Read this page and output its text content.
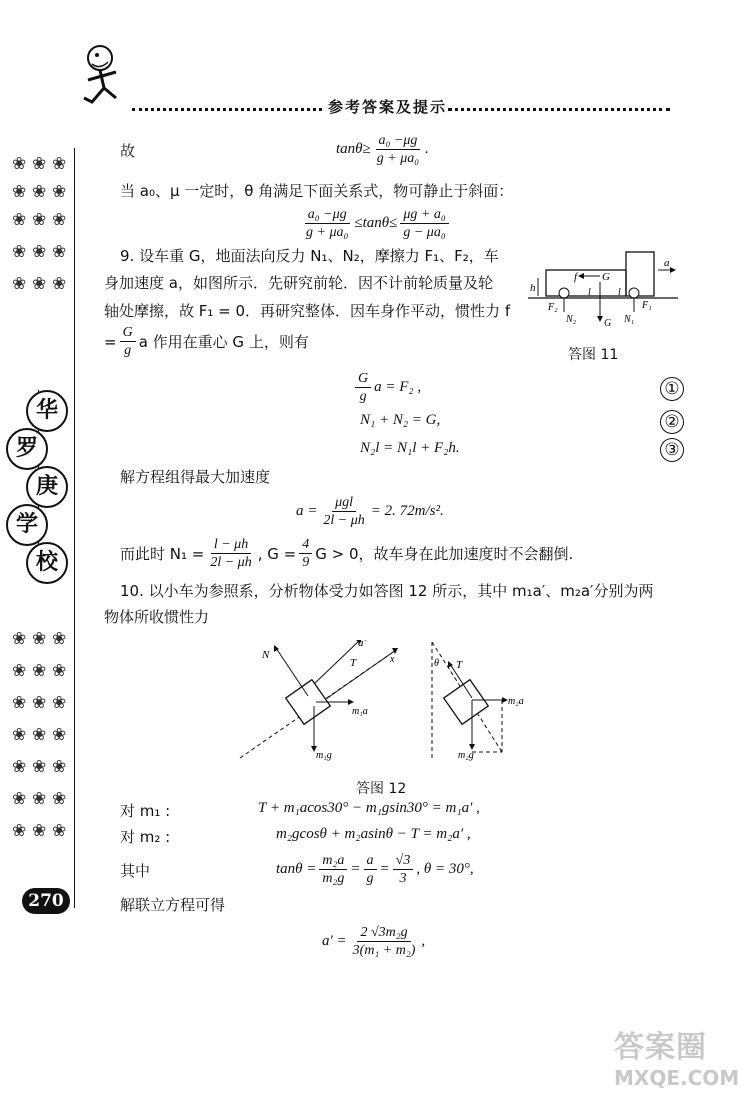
参考答案及提示
❀ ❀ ❀
❀ ❀ ❀
❀ ❀ ❀
❀ ❀ ❀
❀ ❀ ❀
华
罗
庚
学
校
❀ ❀ ❀
❀ ❀ ❀
❀ ❀ ❀
❀ ❀ ❀
❀ ❀ ❀
❀ ❀ ❀
❀ ❀ ❀
270
故	$\tan\theta\ge \frac{\text{a₀ −μg}}{\text{g + μa₀}}$ .
当 a₀、μ 一定时，θ 角满足下面关系式，物可静止于斜面：
$\frac{\text{a₀ −μg}}{\text{g + μa₀}} \le\tan\theta\le \frac{\text{μg + a₀}}{\text{g − μa₀}}$
9. 设车重 G，地面法向反力 N₁、N₂，摩擦力 F₁、F₂，车
身加速度 a，如图所示．先研究前轮．因不计前轮质量及轮
轴处摩擦，故 F₁ = 0．再研究整体．因车身作平动，惯性力 f
= $\frac{G}{g}$ a 作用在重心 G 上，则有
h
f G
a
F₂
N₂
l	l
G N₁
F₁
答图 11
$\frac{G}{g}$ a = F₂ ,	①
N₁ + N₂ = G,	②
N₂l = N₁l + F₂h.	③
解方程组得最大加速度
$a = \frac{\text{μgl}}{2l - \mu h} = 2$. 72m/s².
而此时 $N_1 = \frac{l - \mu h}{2l - \mu h}$ , $G = \frac{4}{9}$ G > 0，故车身在此加速度时不会翻倒.
10. 以小车为参照系，分析物体受力如答图 12 所示，其中 m₁a′、m₂a′分别为两
物体所收惯性力
x
a′
N
T
m₁a
m₁g
θ T
m₂a
m₂g
答图 12
对 m₁ :	T + m₁acos30° − m₁gsin30° = m₁a′ ,
对 m₂ :	m₂gcosθ + m₂asinθ − T = m₂a′ ,
其中	$\tan\theta = \frac{\text{m₂a}}{\text{m₂g}} = \frac{a}{g} = \frac{√3}{3}$ , θ = 30°,
解联立方程可得
$a' = \frac{\text{2 √3m₂g}}{\text{3(m₁ + m₂)}}$ ,
答案圈
MXQE.COM
